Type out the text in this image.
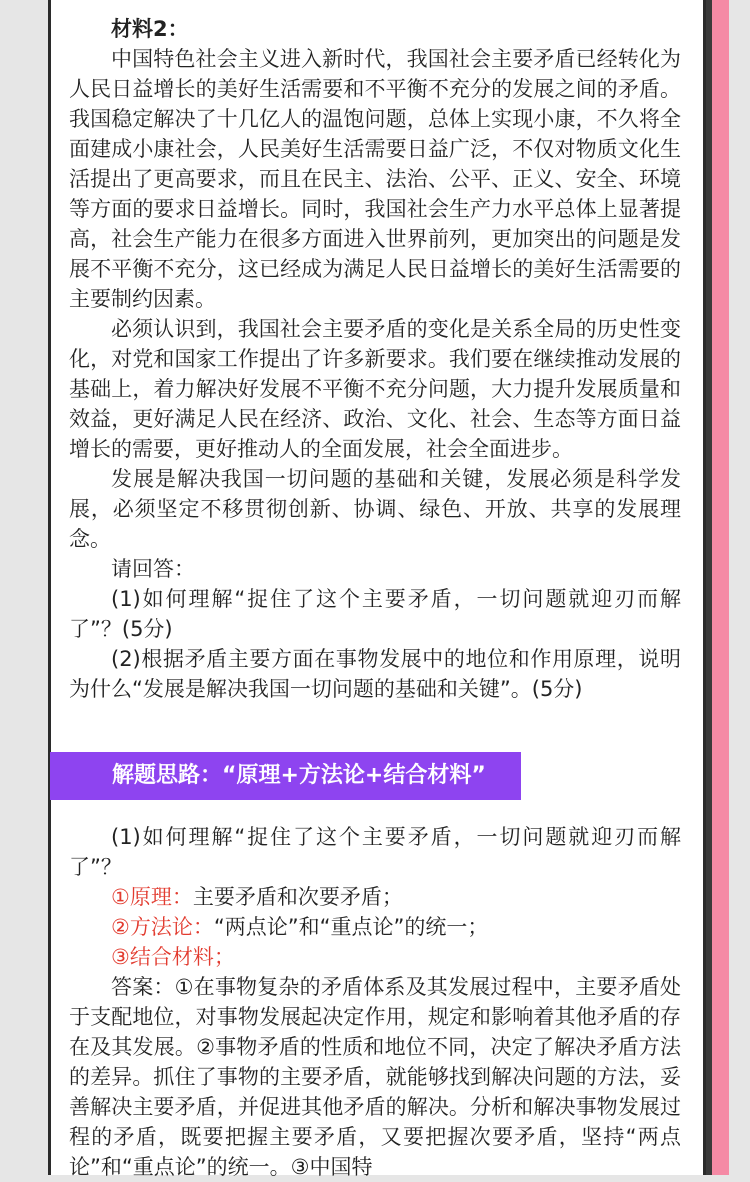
材料2：

中国特色社会主义进入新时代，我国社会主要矛盾已经转化为人民日益增长的美好生活需要和不平衡不充分的发展之间的矛盾。我国稳定解决了十几亿人的温饱问题，总体上实现小康，不久将全面建成小康社会，人民美好生活需要日益广泛，不仅对物质文化生活提出了更高要求，而且在民主、法治、公平、正义、安全、环境等方面的要求日益增长。同时，我国社会生产力水平总体上显著提高，社会生产能力在很多方面进入世界前列，更加突出的问题是发展不平衡不充分，这已经成为满足人民日益增长的美好生活需要的主要制约因素。

必须认识到，我国社会主要矛盾的变化是关系全局的历史性变化，对党和国家工作提出了许多新要求。我们要在继续推动发展的基础上，着力解决好发展不平衡不充分问题，大力提升发展质量和效益，更好满足人民在经济、政治、文化、社会、生态等方面日益增长的需要，更好推动人的全面发展，社会全面进步。

发展是解决我国一切问题的基础和关键，发展必须是科学发展，必须坚定不移贯彻创新、协调、绿色、开放、共享的发展理念。

请回答：

(1)如何理解“捉住了这个主要矛盾，一切问题就迎刃而解了”？(5分)

(2)根据矛盾主要方面在事物发展中的地位和作用原理，说明为什么“发展是解决我国一切问题的基础和关键”。(5分)

解题思路：“原理+方法论+结合材料”

(1)如何理解“捉住了这个主要矛盾，一切问题就迎刃而解了”？

①原理：主要矛盾和次要矛盾；

②方法论：“两点论”和“重点论”的统一；

③结合材料；

答案：①在事物复杂的矛盾体系及其发展过程中，主要矛盾处于支配地位，对事物发展起决定作用，规定和影响着其他矛盾的存在及其发展。②事物矛盾的性质和地位不同，决定了解决矛盾方法的差异。抓住了事物的主要矛盾，就能够找到解决问题的方法，妥善解决主要矛盾，并促进其他矛盾的解决。分析和解决事物发展过程的矛盾，既要把握主要矛盾，又要把握次要矛盾，坚持“两点论”和“重点论”的统一。③中国特
